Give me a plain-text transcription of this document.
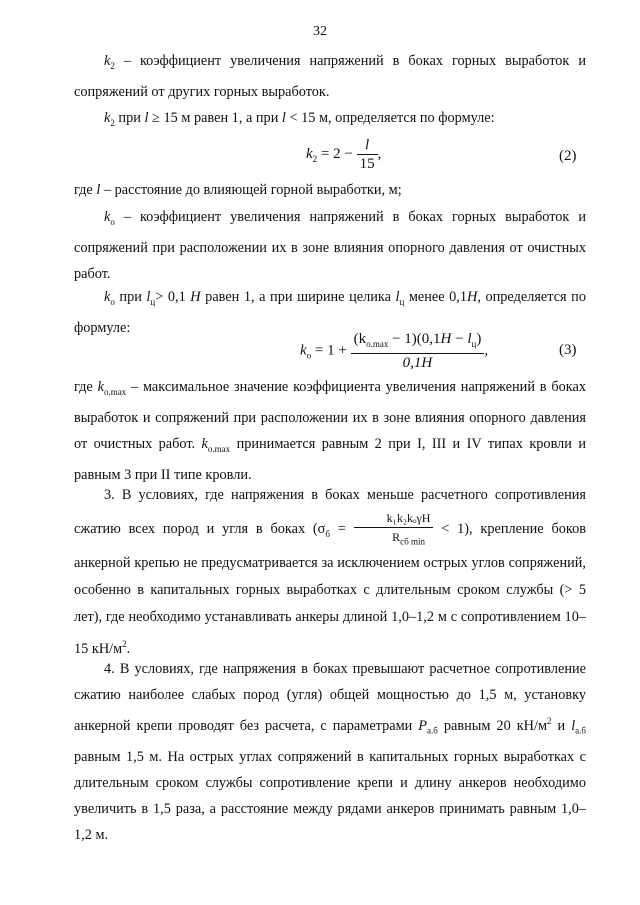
32
$k_2$ – коэффициент увеличения напряжений в боках горных выработок и сопряжений от других горных выработок.
$k_2$ при l ≥ 15 м равен 1, а при l < 15 м, определяется по формуле:
$k_2 = 2 - \frac{l}{15}$ ,	(2)
где l – расстояние до влияющей горной выработки, м;
$k_о$ – коэффициент увеличения напряжений в боках горных выработок и сопряжений при расположении их в зоне влияния опорного давления от очистных работ.
$k_о$ при $l_ц> 0,1$ H равен 1, а при ширине целика $l_ц$ менее 0,1H, определяется по формуле:
$k_о = 1 + \frac{(k_{о.max} - 1)(0,1H - l_ц)}{0,1H}$ ,	(3)
где $k_{о.max}$ – максимальное значение коэффициента увеличения напряжений в боках выработок и сопряжений при расположении их в зоне влияния опорного давления от очистных работ. $k_{о.max}$ принимается равным 2 при I, III и IV типах кровли и равным 3 при II типе кровли.
3. В условиях, где напряжения в боках меньше расчетного сопротивления сжатию всех пород и угля в боках $(\sigma_б = \frac{\text{k₁k₂kₒγH}}{R_{сб min}} < 1)$, крепление боков анкерной крепью не предусматривается за исключением острых углов сопряжений, особенно в капитальных горных выработках с длительным сроком службы (> 5 лет), где необходимо устанавливать анкеры длиной 1,0–1,2 м с сопротивлением 10–15 $кН/м^2$.
4. В условиях, где напряжения в боках превышают расчетное сопротивление сжатию наиболее слабых пород (угля) общей мощностью до 1,5 м, установку анкерной крепи проводят без расчета, с параметрами $P_{а.б}$ равным 20 $кН/м^2$ и $l_{а.б}$ равным 1,5 м. На острых углах сопряжений в капитальных горных выработках с длительным сроком службы сопротивление крепи и длину анкеров необходимо увеличить в 1,5 раза, а расстояние между рядами анкеров принимать равным 1,0–1,2 м.
